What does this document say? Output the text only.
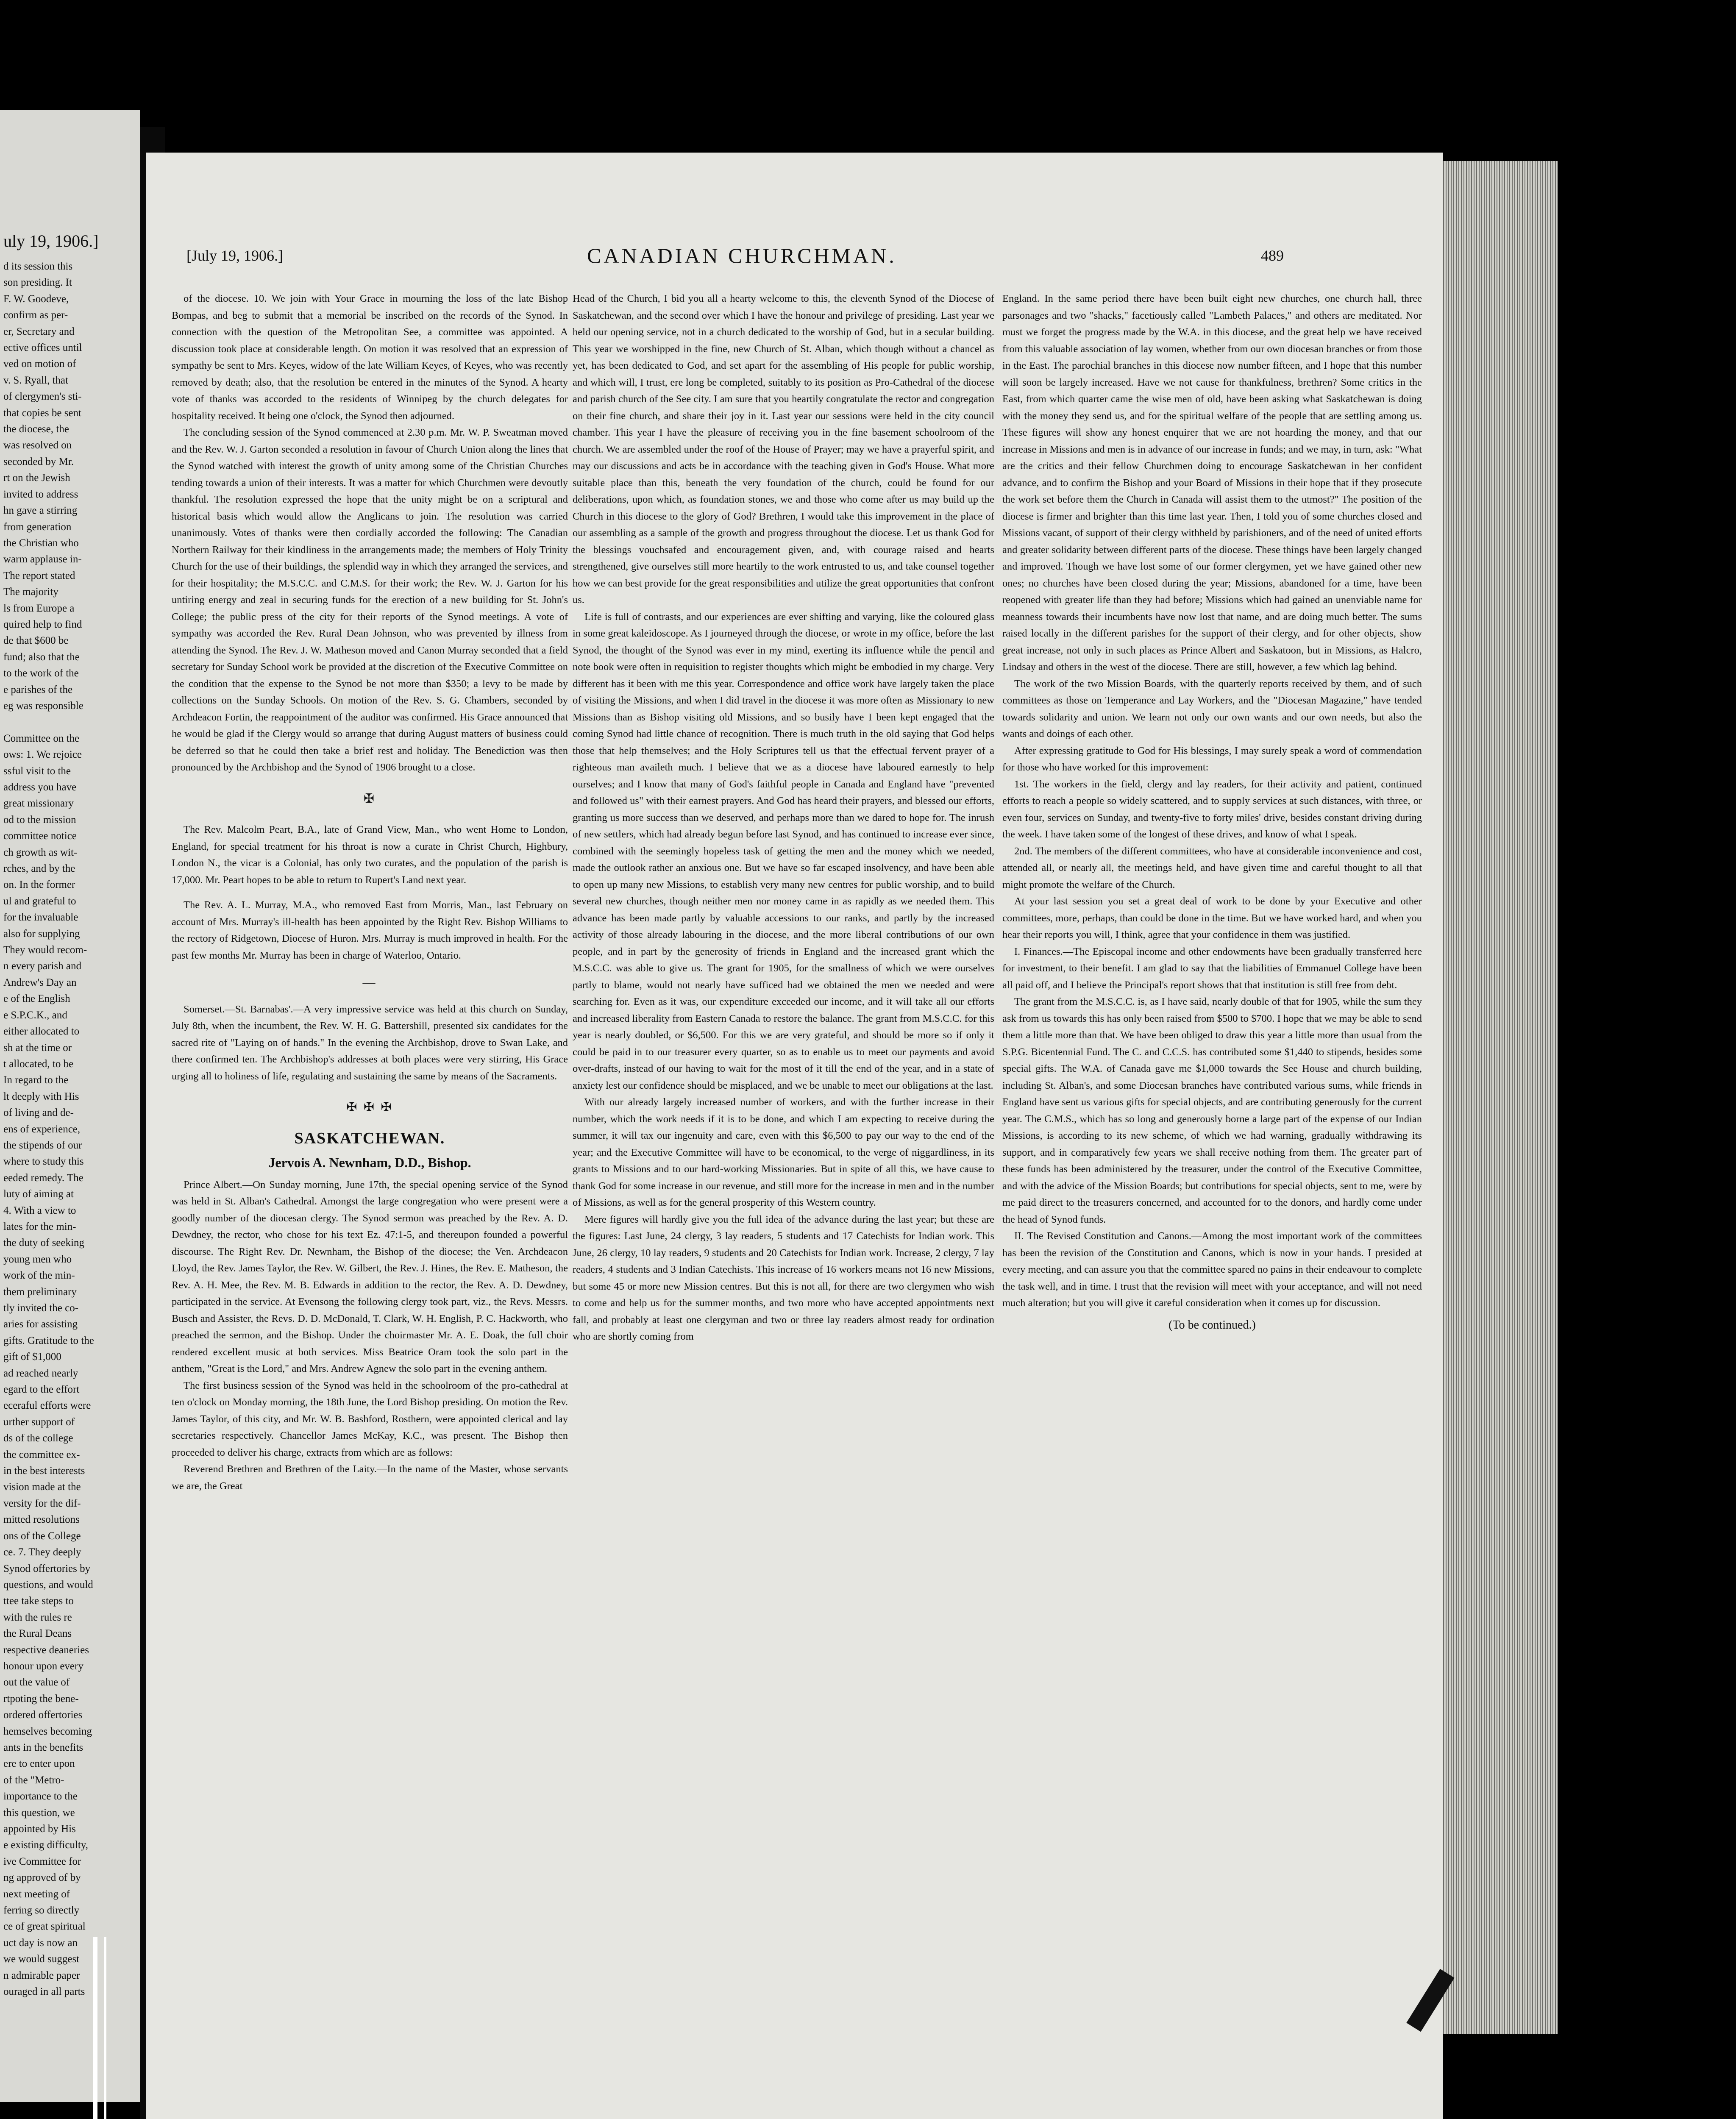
uly 19, 1906.]
d its session this
son presiding. It
F. W. Goodeve,
confirm as per-
er, Secretary and
ective offices until
ved on motion of
v. S. Ryall, that
of clergymen's sti-
that copies be sent
the diocese, the
was resolved on
seconded by Mr.
rt on the Jewish
invited to address
hn gave a stirring
from generation
the Christian who
warm applause in-
The report stated
The majority
ls from Europe a
quired help to find
de that $600 be
fund; also that the
to the work of the
e parishes of the
eg was responsible

Committee on the
ows: 1. We rejoice
ssful visit to the
address you have
great missionary
od to the mission
committee notice
ch growth as wit-
rches, and by the
on. In the former
ul and grateful to
for the invaluable
also for supplying
They would recom-
n every parish and
Andrew's Day an
e of the English
e S.P.C.K., and
either allocated to
sh at the time or
t allocated, to be
In regard to the
lt deeply with His
of living and de-
ens of experience,
the stipends of our
where to study this
eeded remedy. The
luty of aiming at
4. With a view to
lates for the min-
the duty of seeking
young men who
work of the min-
them preliminary
tly invited the co-
aries for assisting
gifts. Gratitude to the
gift of $1,000
ad reached nearly
egard to the effort
eceraful efforts were
urther support of
ds of the college
the committee ex-
in the best interests
vision made at the
versity for the dif-
mitted resolutions
ons of the College
ce. 7. They deeply
Synod offertories by
questions, and would
ttee take steps to
with the rules re
the Rural Deans
respective deaneries
honour upon every
out the value of
rtpoting the bene-
ordered offertories
hemselves becoming
ants in the benefits
ere to enter upon
of the "Metro-
importance to the
this question, we
appointed by His
e existing difficulty,
ive Committee for
ng approved of by
next meeting of
ferring so directly
ce of great spiritual
uct day is now an
we would suggest
n admirable paper
ouraged in all parts
[July 19, 1906.]	CANADIAN CHURCHMAN.	489

of the diocese. 10. We join with Your Grace in mourning the loss of the late Bishop Bompas, and beg to submit that a memorial be inscribed on the records of the Synod. In connection with the question of the Metropolitan See, a committee was appointed. A discussion took place at considerable length. On motion it was resolved that an expression of sympathy be sent to Mrs. Keyes, widow of the late William Keyes, of Keyes, who was recently removed by death; also, that the resolution be entered in the minutes of the Synod. A hearty vote of thanks was accorded to the residents of Winnipeg by the church delegates for hospitality received. It being one o'clock, the Synod then adjourned.

The concluding session of the Synod commenced at 2.30 p.m. Mr. W. P. Sweatman moved and the Rev. W. J. Garton seconded a resolution in favour of Church Union along the lines that the Synod watched with interest the growth of unity among some of the Christian Churches tending towards a union of their interests. It was a matter for which Churchmen were devoutly thankful. The resolution expressed the hope that the unity might be on a scriptural and historical basis which would allow the Anglicans to join. The resolution was carried unanimously. Votes of thanks were then cordially accorded the following: The Canadian Northern Railway for their kindliness in the arrangements made; the members of Holy Trinity Church for the use of their buildings, the splendid way in which they arranged the services, and for their hospitality; the M.S.C.C. and C.M.S. for their work; the Rev. W. J. Garton for his untiring energy and zeal in securing funds for the erection of a new building for St. John's College; the public press of the city for their reports of the Synod meetings. A vote of sympathy was accorded the Rev. Rural Dean Johnson, who was prevented by illness from attending the Synod. The Rev. J. W. Matheson moved and Canon Murray seconded that a field secretary for Sunday School work be provided at the discretion of the Executive Committee on the condition that the expense to the Synod be not more than $350; a levy to be made by collections on the Sunday Schools. On motion of the Rev. S. G. Chambers, seconded by Archdeacon Fortin, the reappointment of the auditor was confirmed. His Grace announced that he would be glad if the Clergy would so arrange that during August matters of business could be deferred so that he could then take a brief rest and holiday. The Benediction was then pronounced by the Archbishop and the Synod of 1906 brought to a close.

✠

The Rev. Malcolm Peart, B.A., late of Grand View, Man., who went Home to London, England, for special treatment for his throat is now a curate in Christ Church, Highbury, London N., the vicar is a Colonial, has only two curates, and the population of the parish is 17,000. Mr. Peart hopes to be able to return to Rupert's Land next year.

The Rev. A. L. Murray, M.A., who removed East from Morris, Man., last February on account of Mrs. Murray's ill-health has been appointed by the Right Rev. Bishop Williams to the rectory of Ridgetown, Diocese of Huron. Mrs. Murray is much improved in health. For the past few months Mr. Murray has been in charge of Waterloo, Ontario.

—

Somerset.—St. Barnabas'.—A very impressive service was held at this church on Sunday, July 8th, when the incumbent, the Rev. W. H. G. Battershill, presented six candidates for the sacred rite of "Laying on of hands." In the evening the Archbishop, drove to Swan Lake, and there confirmed ten. The Archbishop's addresses at both places were very stirring, His Grace urging all to holiness of life, regulating and sustaining the same by means of the Sacraments.

✠ ✠ ✠
SASKATCHEWAN.
Jervois A. Newnham, D.D., Bishop.

Prince Albert.—On Sunday morning, June 17th, the special opening service of the Synod was held in St. Alban's Cathedral. Amongst the large congregation who were present were a goodly number of the diocesan clergy. The Synod sermon was preached by the Rev. A. D. Dewdney, the rector, who chose for his text Ez. 47:1-5, and thereupon founded a powerful discourse. The Right Rev. Dr. Newnham, the Bishop of the diocese; the Ven. Archdeacon Lloyd, the Rev. James Taylor, the Rev. W. Gilbert, the Rev. J. Hines, the Rev. E. Matheson, the Rev. A. H. Mee, the Rev. M. B. Edwards in addition to the rector, the Rev. A. D. Dewdney, participated in the service. At Evensong the following clergy took part, viz., the Revs. Messrs. Busch and Assister, the Revs. D. D. McDonald, T. Clark, W. H. English, P. C. Hackworth, who preached the sermon, and the Bishop. Under the choirmaster Mr. A. E. Doak, the full choir rendered excellent music at both services. Miss Beatrice Oram took the solo part in the anthem, "Great is the Lord," and Mrs. Andrew Agnew the solo part in the evening anthem.

The first business session of the Synod was held in the schoolroom of the pro-cathedral at ten o'clock on Monday morning, the 18th June, the Lord Bishop presiding. On motion the Rev. James Taylor, of this city, and Mr. W. B. Bashford, Rosthern, were appointed clerical and lay secretaries respectively. Chancellor James McKay, K.C., was present. The Bishop then proceeded to deliver his charge, extracts from which are as follows:

Reverend Brethren and Brethren of the Laity.—In the name of the Master, whose servants we are, the Great

Head of the Church, I bid you all a hearty welcome to this, the eleventh Synod of the Diocese of Saskatchewan, and the second over which I have the honour and privilege of presiding. Last year we held our opening service, not in a church dedicated to the worship of God, but in a secular building. This year we worshipped in the fine, new Church of St. Alban, which though without a chancel as yet, has been dedicated to God, and set apart for the assembling of His people for public worship, and which will, I trust, ere long be completed, suitably to its position as Pro-Cathedral of the diocese and parish church of the See city. I am sure that you heartily congratulate the rector and congregation on their fine church, and share their joy in it. Last year our sessions were held in the city council chamber. This year I have the pleasure of receiving you in the fine basement schoolroom of the church. We are assembled under the roof of the House of Prayer; may we have a prayerful spirit, and may our discussions and acts be in accordance with the teaching given in God's House. What more suitable place than this, beneath the very foundation of the church, could be found for our deliberations, upon which, as foundation stones, we and those who come after us may build up the Church in this diocese to the glory of God? Brethren, I would take this improvement in the place of our assembling as a sample of the growth and progress throughout the diocese. Let us thank God for the blessings vouchsafed and encouragement given, and, with courage raised and hearts strengthened, give ourselves still more heartily to the work entrusted to us, and take counsel together how we can best provide for the great responsibilities and utilize the great opportunities that confront us.

Life is full of contrasts, and our experiences are ever shifting and varying, like the coloured glass in some great kaleidoscope. As I journeyed through the diocese, or wrote in my office, before the last Synod, the thought of the Synod was ever in my mind, exerting its influence while the pencil and note book were often in requisition to register thoughts which might be embodied in my charge. Very different has it been with me this year. Correspondence and office work have largely taken the place of visiting the Missions, and when I did travel in the diocese it was more often as Missionary to new Missions than as Bishop visiting old Missions, and so busily have I been kept engaged that the coming Synod had little chance of recognition. There is much truth in the old saying that God helps those that help themselves; and the Holy Scriptures tell us that the effectual fervent prayer of a righteous man availeth much. I believe that we as a diocese have laboured earnestly to help ourselves; and I know that many of God's faithful people in Canada and England have "prevented and followed us" with their earnest prayers. And God has heard their prayers, and blessed our efforts, granting us more success than we deserved, and perhaps more than we dared to hope for. The inrush of new settlers, which had already begun before last Synod, and has continued to increase ever since, combined with the seemingly hopeless task of getting the men and the money which we needed, made the outlook rather an anxious one. But we have so far escaped insolvency, and have been able to open up many new Missions, to establish very many new centres for public worship, and to build several new churches, though neither men nor money came in as rapidly as we needed them. This advance has been made partly by valuable accessions to our ranks, and partly by the increased activity of those already labouring in the diocese, and the more liberal contributions of our own people, and in part by the generosity of friends in England and the increased grant which the M.S.C.C. was able to give us. The grant for 1905, for the smallness of which we were ourselves partly to blame, would not nearly have sufficed had we obtained the men we needed and were searching for. Even as it was, our expenditure exceeded our income, and it will take all our efforts and increased liberality from Eastern Canada to restore the balance. The grant from M.S.C.C. for this year is nearly doubled, or $6,500. For this we are very grateful, and should be more so if only it could be paid in to our treasurer every quarter, so as to enable us to meet our payments and avoid over-drafts, instead of our having to wait for the most of it till the end of the year, and in a state of anxiety lest our confidence should be misplaced, and we be unable to meet our obligations at the last.

With our already largely increased number of workers, and with the further increase in their number, which the work needs if it is to be done, and which I am expecting to receive during the summer, it will tax our ingenuity and care, even with this $6,500 to pay our way to the end of the year; and the Executive Committee will have to be economical, to the verge of niggardliness, in its grants to Missions and to our hard-working Missionaries. But in spite of all this, we have cause to thank God for some increase in our revenue, and still more for the increase in men and in the number of Missions, as well as for the general prosperity of this Western country.

Mere figures will hardly give you the full idea of the advance during the last year; but these are the figures: Last June, 24 clergy, 3 lay readers, 5 students and 17 Catechists for Indian work. This June, 26 clergy, 10 lay readers, 9 students and 20 Catechists for Indian work. Increase, 2 clergy, 7 lay readers, 4 students and 3 Indian Catechists. This increase of 16 workers means not 16 new Missions, but some 45 or more new Mission centres. But this is not all, for there are two clergymen who wish to come and help us for the summer months, and two more who have accepted appointments next fall, and probably at least one clergyman and two or three lay readers almost ready for ordination who are shortly coming from

England. In the same period there have been built eight new churches, one church hall, three parsonages and two "shacks," facetiously called "Lambeth Palaces," and others are meditated. Nor must we forget the progress made by the W.A. in this diocese, and the great help we have received from this valuable association of lay women, whether from our own diocesan branches or from those in the East. The parochial branches in this diocese now number fifteen, and I hope that this number will soon be largely increased. Have we not cause for thankfulness, brethren? Some critics in the East, from which quarter came the wise men of old, have been asking what Saskatchewan is doing with the money they send us, and for the spiritual welfare of the people that are settling among us. These figures will show any honest enquirer that we are not hoarding the money, and that our increase in Missions and men is in advance of our increase in funds; and we may, in turn, ask: "What are the critics and their fellow Churchmen doing to encourage Saskatchewan in her confident advance, and to confirm the Bishop and your Board of Missions in their hope that if they prosecute the work set before them the Church in Canada will assist them to the utmost?" The position of the diocese is firmer and brighter than this time last year. Then, I told you of some churches closed and Missions vacant, of support of their clergy withheld by parishioners, and of the need of united efforts and greater solidarity between different parts of the diocese. These things have been largely changed and improved. Though we have lost some of our former clergymen, yet we have gained other new ones; no churches have been closed during the year; Missions, abandoned for a time, have been reopened with greater life than they had before; Missions which had gained an unenviable name for meanness towards their incumbents have now lost that name, and are doing much better. The sums raised locally in the different parishes for the support of their clergy, and for other objects, show great increase, not only in such places as Prince Albert and Saskatoon, but in Missions, as Halcro, Lindsay and others in the west of the diocese. There are still, however, a few which lag behind.

The work of the two Mission Boards, with the quarterly reports received by them, and of such committees as those on Temperance and Lay Workers, and the "Diocesan Magazine," have tended towards solidarity and union. We learn not only our own wants and our own needs, but also the wants and doings of each other.

After expressing gratitude to God for His blessings, I may surely speak a word of commendation for those who have worked for this improvement:

1st. The workers in the field, clergy and lay readers, for their activity and patient, continued efforts to reach a people so widely scattered, and to supply services at such distances, with three, or even four, services on Sunday, and twenty-five to forty miles' drive, besides constant driving during the week. I have taken some of the longest of these drives, and know of what I speak.

2nd. The members of the different committees, who have at considerable inconvenience and cost, attended all, or nearly all, the meetings held, and have given time and careful thought to all that might promote the welfare of the Church.

At your last session you set a great deal of work to be done by your Executive and other committees, more, perhaps, than could be done in the time. But we have worked hard, and when you hear their reports you will, I think, agree that your confidence in them was justified.

I. Finances.—The Episcopal income and other endowments have been gradually transferred here for investment, to their benefit. I am glad to say that the liabilities of Emmanuel College have been all paid off, and I believe the Principal's report shows that that institution is still free from debt.

The grant from the M.S.C.C. is, as I have said, nearly double of that for 1905, while the sum they ask from us towards this has only been raised from $500 to $700. I hope that we may be able to send them a little more than that. We have been obliged to draw this year a little more than usual from the S.P.G. Bicentennial Fund. The C. and C.C.S. has contributed some $1,440 to stipends, besides some special gifts. The W.A. of Canada gave me $1,000 towards the See House and church building, including St. Alban's, and some Diocesan branches have contributed various sums, while friends in England have sent us various gifts for special objects, and are contributing generously for the current year. The C.M.S., which has so long and generously borne a large part of the expense of our Indian Missions, is according to its new scheme, of which we had warning, gradually withdrawing its support, and in comparatively few years we shall receive nothing from them. The greater part of these funds has been administered by the treasurer, under the control of the Executive Committee, and with the advice of the Mission Boards; but contributions for special objects, sent to me, were by me paid direct to the treasurers concerned, and accounted for to the donors, and hardly come under the head of Synod funds.

II. The Revised Constitution and Canons.—Among the most important work of the committees has been the revision of the Constitution and Canons, which is now in your hands. I presided at every meeting, and can assure you that the committee spared no pains in their endeavour to complete the task well, and in time. I trust that the revision will meet with your acceptance, and will not need much alteration; but you will give it careful consideration when it comes up for discussion.

(To be continued.)
